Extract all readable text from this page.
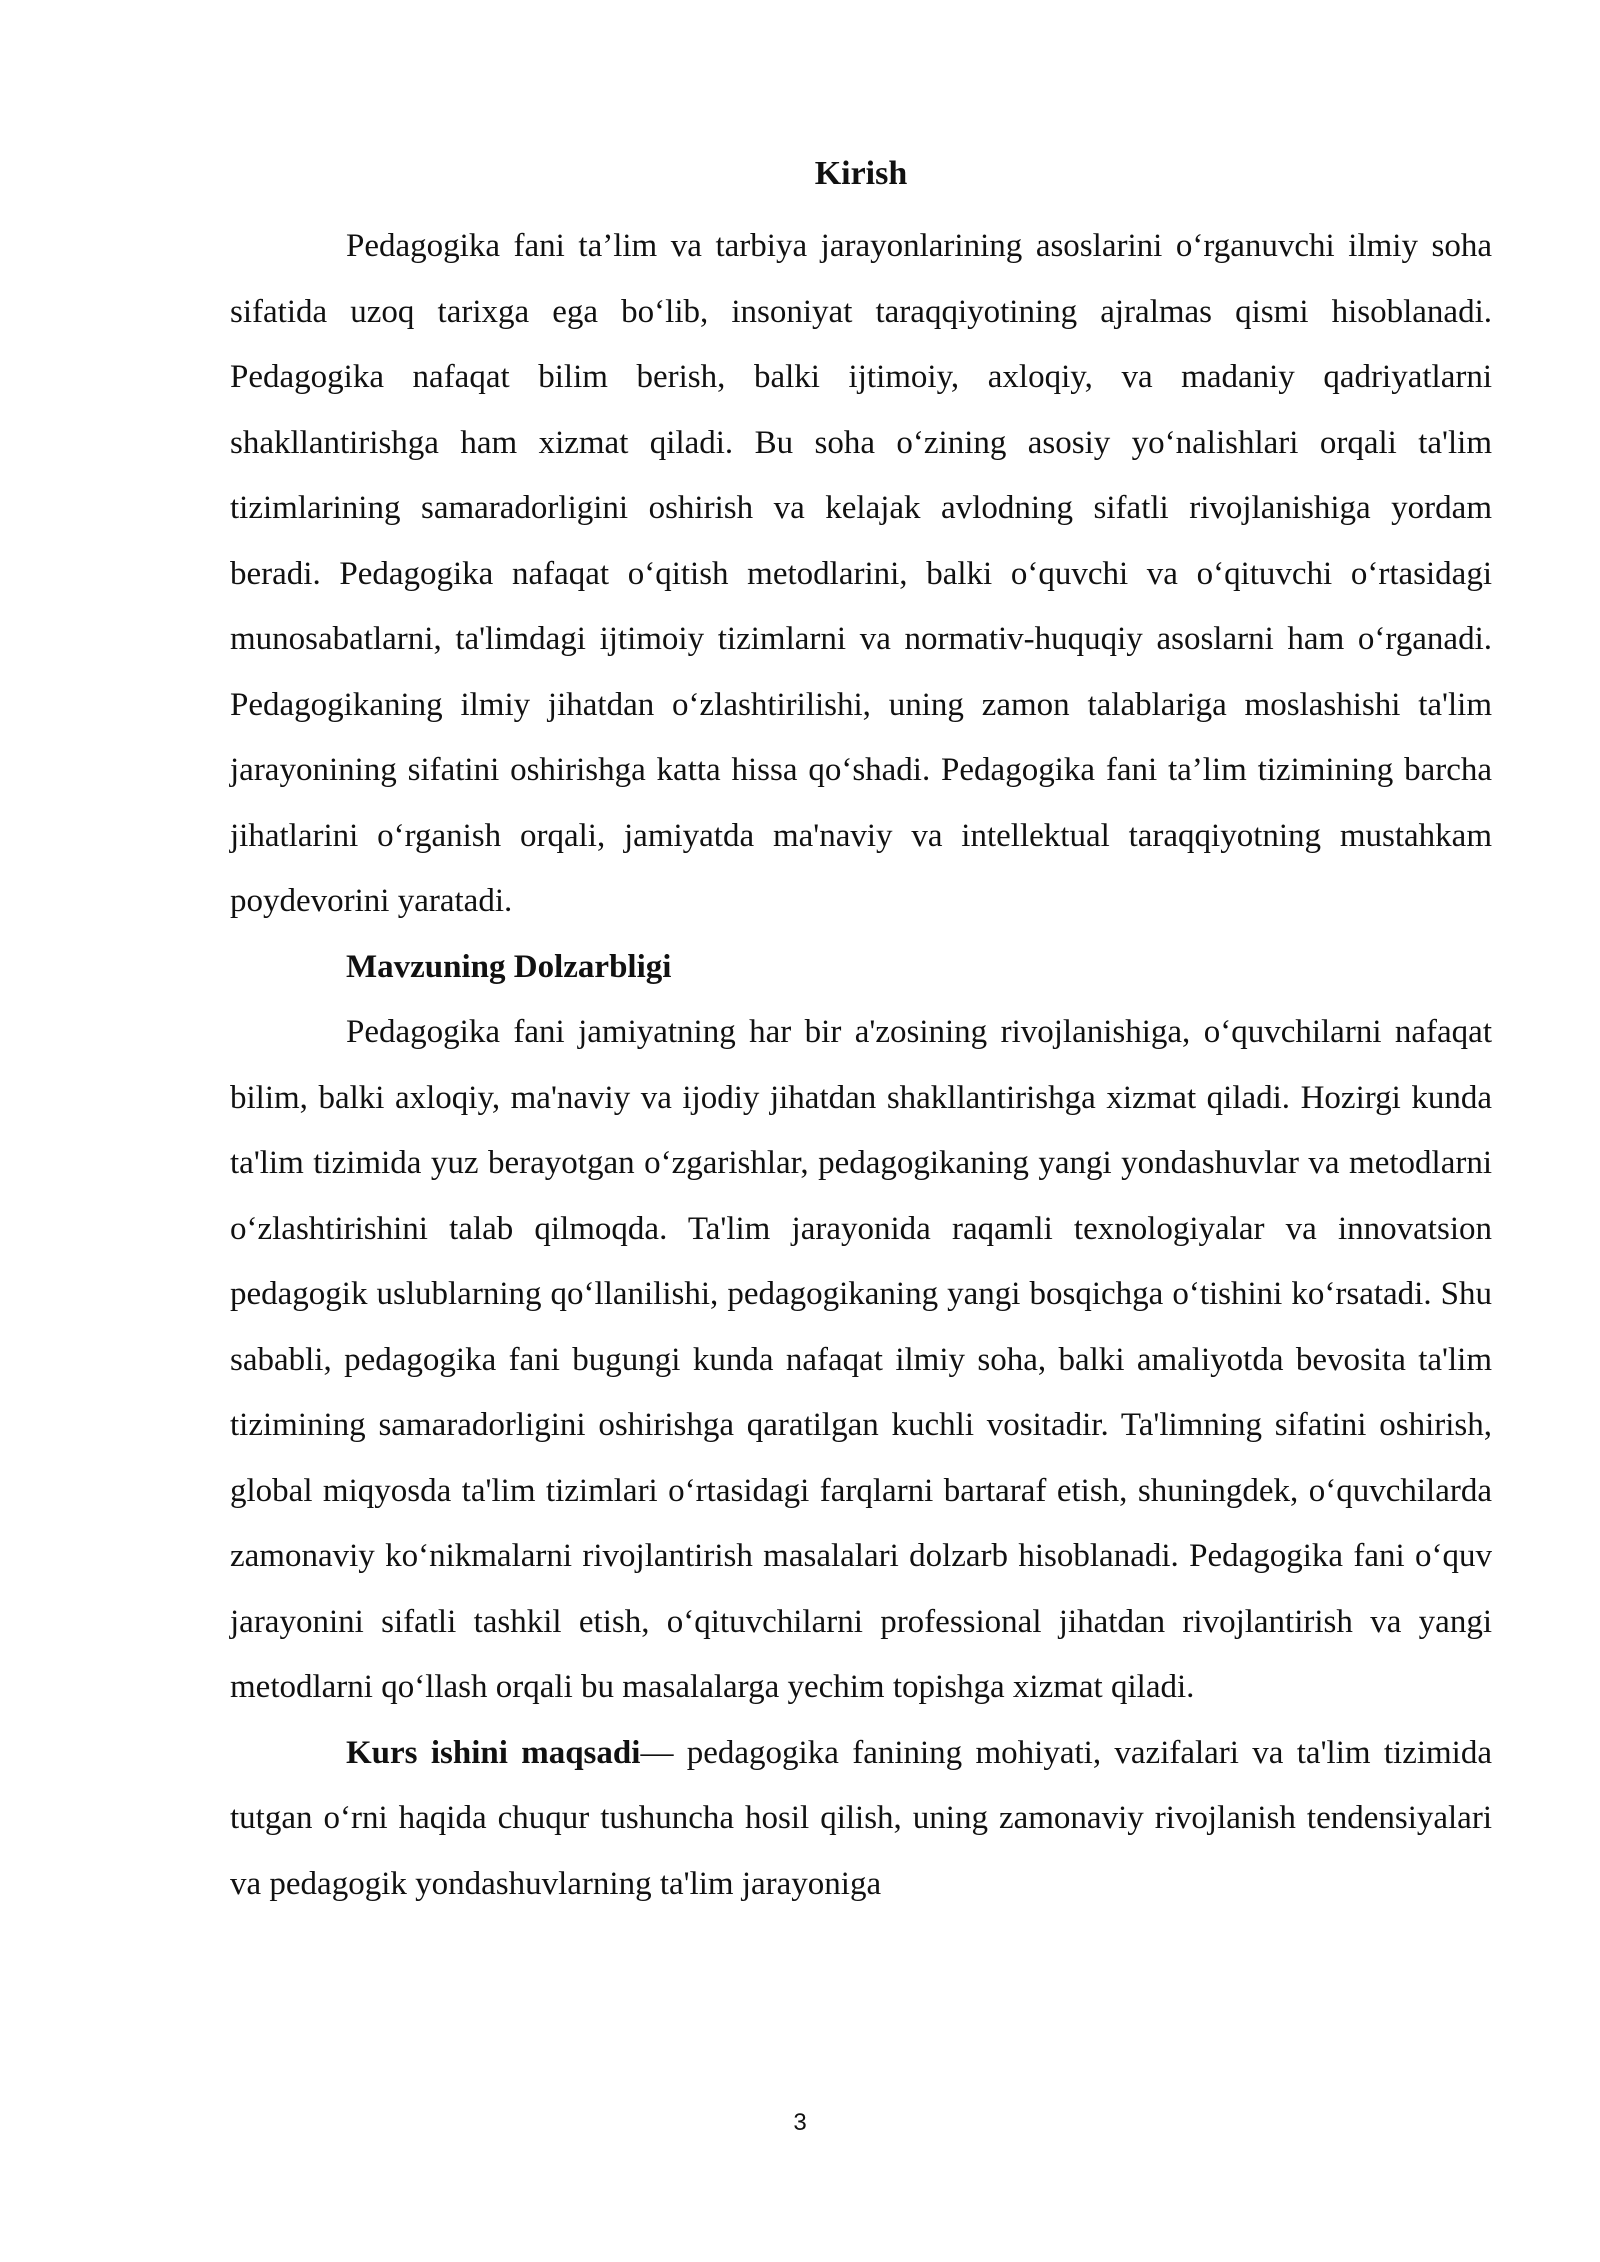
Kirish

Pedagogika fani ta’lim va tarbiya jarayonlarining asoslarini o‘rganuvchi ilmiy soha sifatida uzoq tarixga ega bo‘lib, insoniyat taraqqiyotining ajralmas qismi hisoblanadi. Pedagogika nafaqat bilim berish, balki ijtimoiy, axloqiy, va madaniy qadriyatlarni shakllantirishga ham xizmat qiladi. Bu soha o‘zining asosiy yo‘nalishlari orqali ta'lim tizimlarining samaradorligini oshirish va kelajak avlodning sifatli rivojlanishiga yordam beradi. Pedagogika nafaqat o‘qitish metodlarini, balki o‘quvchi va o‘qituvchi o‘rtasidagi munosabatlarni, ta'limdagi ijtimoiy tizimlarni va normativ-huquqiy asoslarni ham o‘rganadi. Pedagogikaning ilmiy jihatdan o‘zlashtirilishi, uning zamon talablariga moslashishi ta'lim jarayonining sifatini oshirishga katta hissa qo‘shadi. Pedagogika fani ta’lim tizimining barcha jihatlarini o‘rganish orqali, jamiyatda ma'naviy va intellektual taraqqiyotning mustahkam poydevorini yaratadi.

Mavzuning Dolzarbligi

Pedagogika fani jamiyatning har bir a'zosining rivojlanishiga, o‘quvchilarni nafaqat bilim, balki axloqiy, ma'naviy va ijodiy jihatdan shakllantirishga xizmat qiladi. Hozirgi kunda ta'lim tizimida yuz berayotgan o‘zgarishlar, pedagogikaning yangi yondashuvlar va metodlarni o‘zlashtirishini talab qilmoqda. Ta'lim jarayonida raqamli texnologiyalar va innovatsion pedagogik uslublarning qo‘llanilishi, pedagogikaning yangi bosqichga o‘tishini ko‘rsatadi. Shu sababli, pedagogika fani bugungi kunda nafaqat ilmiy soha, balki amaliyotda bevosita ta'lim tizimining samaradorligini oshirishga qaratilgan kuchli vositadir. Ta'limning sifatini oshirish, global miqyosda ta'lim tizimlari o‘rtasidagi farqlarni bartaraf etish, shuningdek, o‘quvchilarda zamonaviy ko‘nikmalarni rivojlantirish masalalari dolzarb hisoblanadi. Pedagogika fani o‘quv jarayonini sifatli tashkil etish, o‘qituvchilarni professional jihatdan rivojlantirish va yangi metodlarni qo‘llash orqali bu masalalarga yechim topishga xizmat qiladi.

Kurs ishini maqsadi— pedagogika fanining mohiyati, vazifalari va ta'lim tizimida tutgan o‘rni haqida chuqur tushuncha hosil qilish, uning zamonaviy rivojlanish tendensiyalari va pedagogik yondashuvlarning ta'lim jarayoniga

3
